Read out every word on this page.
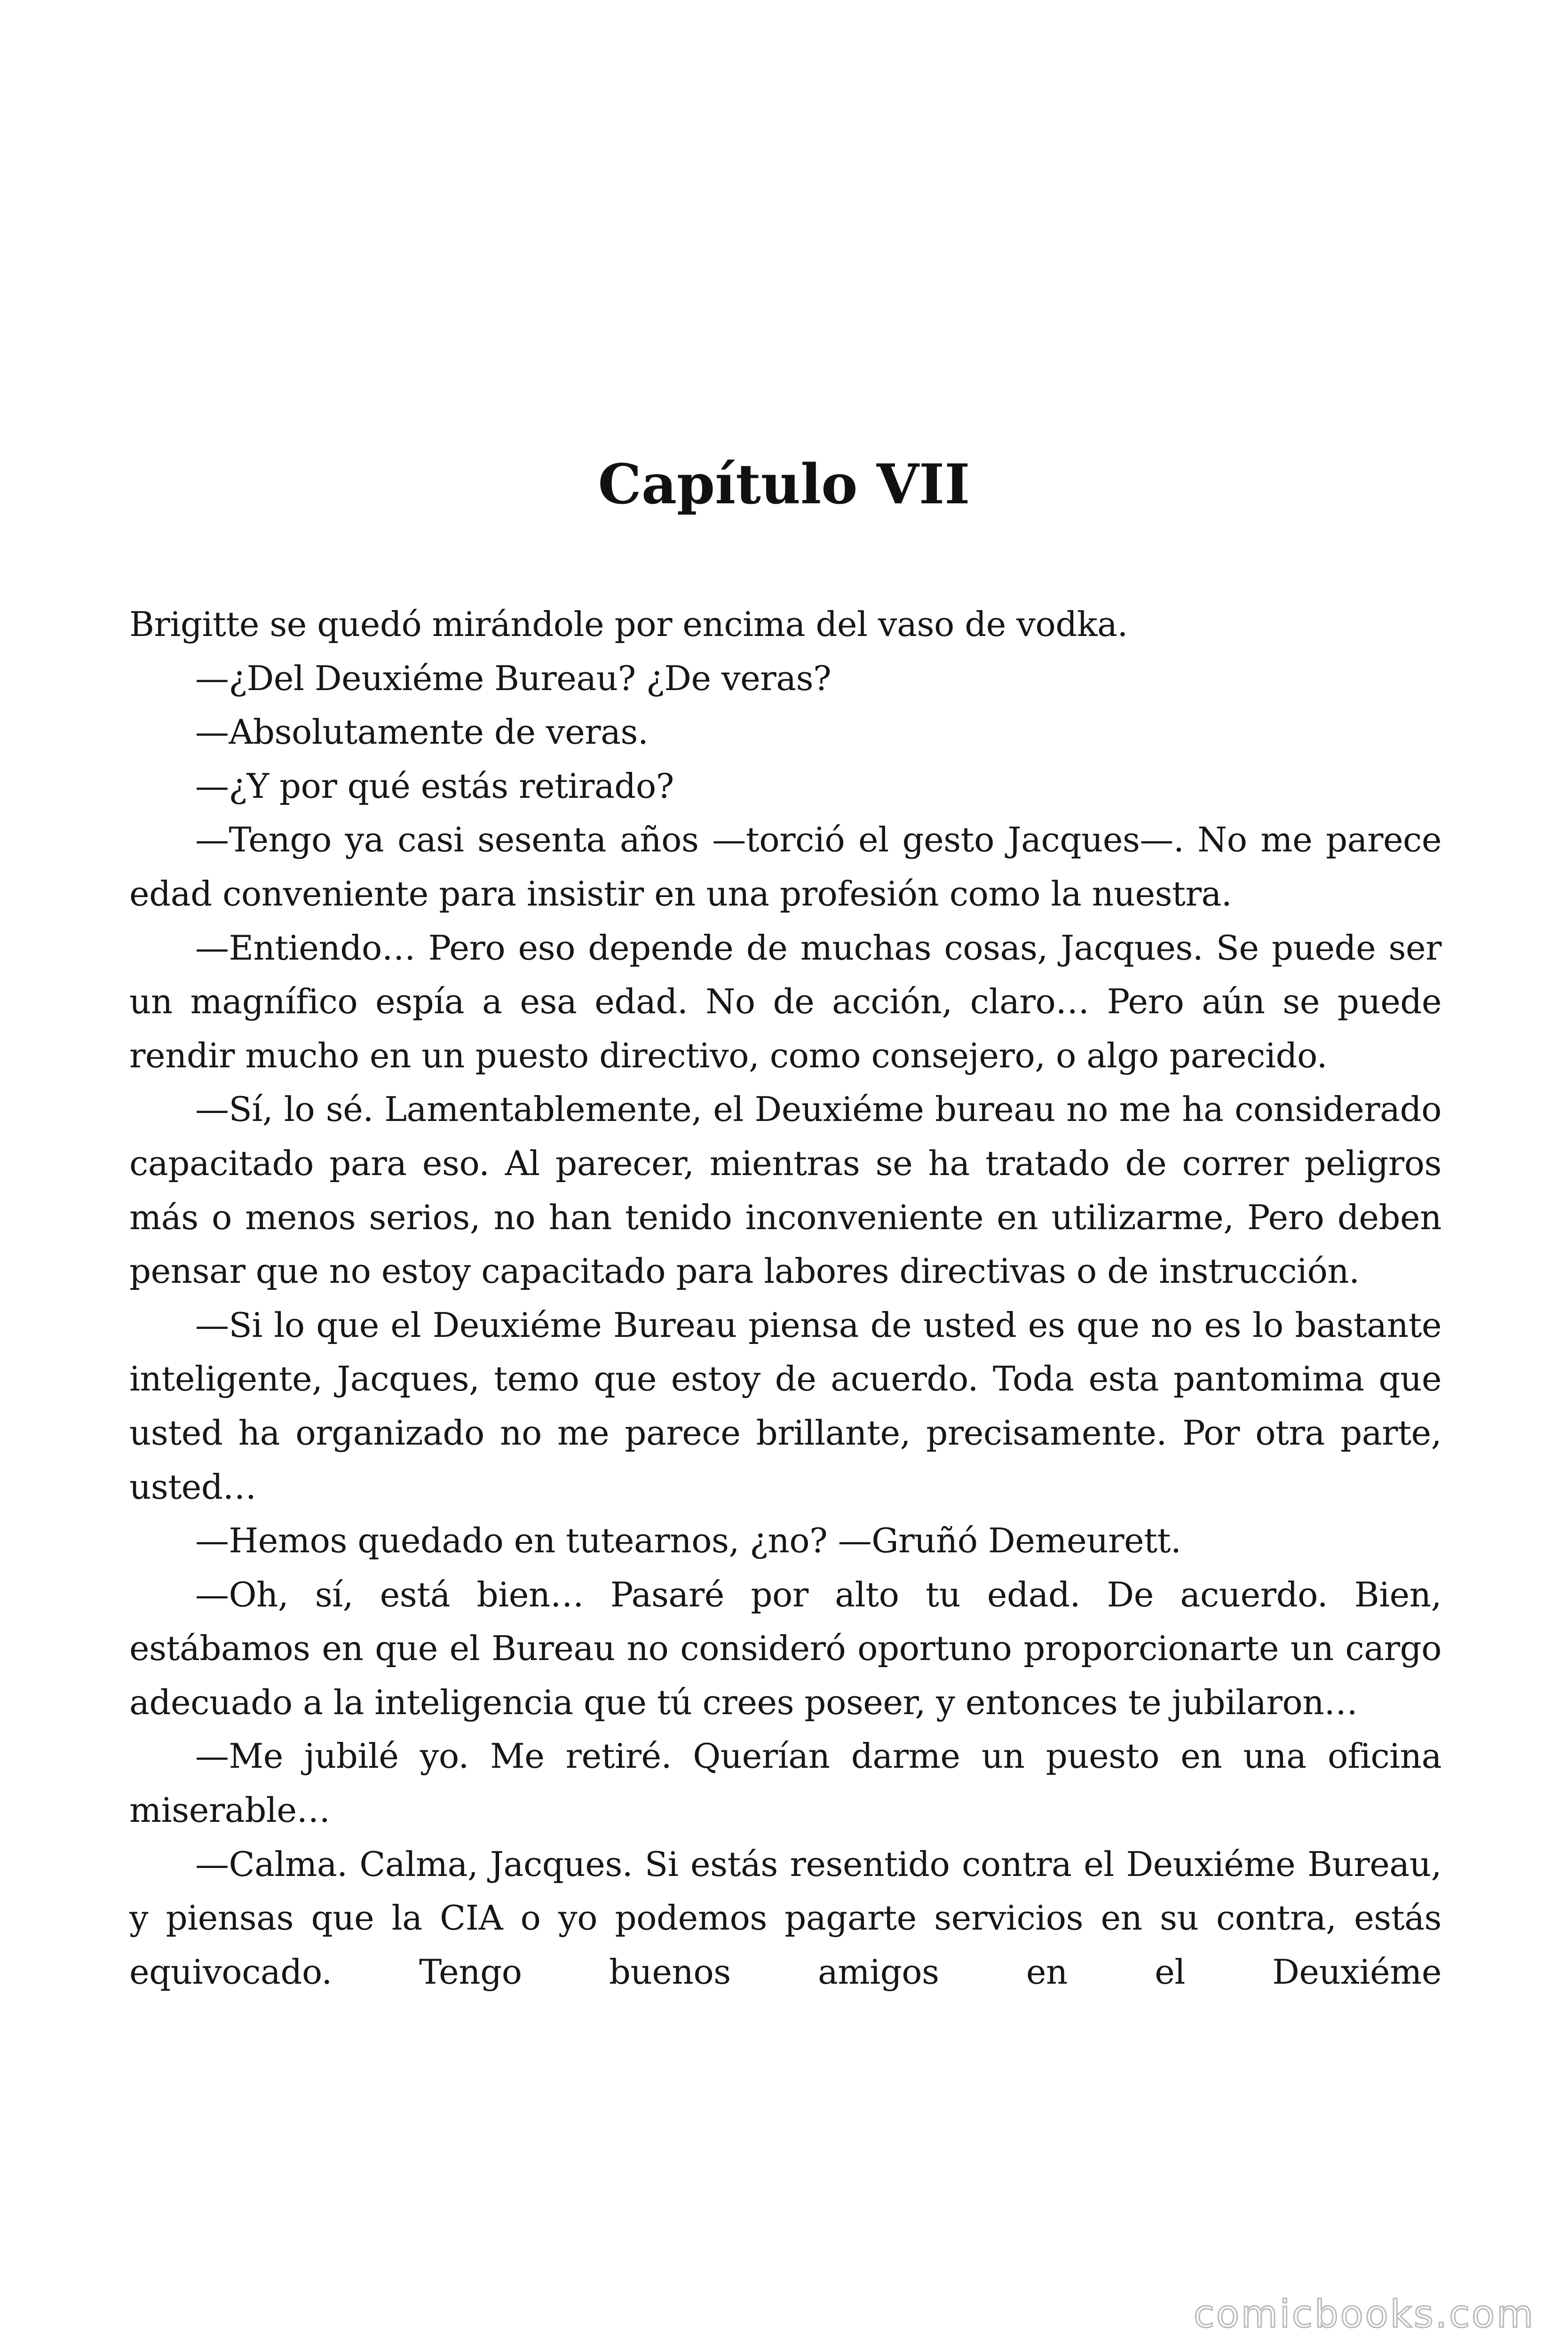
Capítulo VII

Brigitte se quedó mirándole por encima del vaso de vodka.

—¿Del Deuxiéme Bureau? ¿De veras?

—Absolutamente de veras.

—¿Y por qué estás retirado?

—Tengo ya casi sesenta años —torció el gesto Jacques—. No me parece edad conveniente para insistir en una profesión como la nuestra.

—Entiendo… Pero eso depende de muchas cosas, Jacques. Se puede ser un magnífico espía a esa edad. No de acción, claro… Pero aún se puede rendir mucho en un puesto directivo, como consejero, o algo parecido.

—Sí, lo sé. Lamentablemente, el Deuxiéme bureau no me ha considerado capacitado para eso. Al parecer, mientras se ha tratado de correr peligros más o menos serios, no han tenido inconveniente en utilizarme, Pero deben pensar que no estoy capacitado para labores directivas o de instrucción.

—Si lo que el Deuxiéme Bureau piensa de usted es que no es lo bastante inteligente, Jacques, temo que estoy de acuerdo. Toda esta pantomima que usted ha organizado no me parece brillante, precisamente. Por otra parte, usted…

—Hemos quedado en tutearnos, ¿no? —Gruñó Demeurett.

—Oh, sí, está bien… Pasaré por alto tu edad. De acuerdo. Bien, estábamos en que el Bureau no consideró oportuno proporcionarte un cargo adecuado a la inteligencia que tú crees poseer, y entonces te jubilaron…

—Me jubilé yo. Me retiré. Querían darme un puesto en una oficina miserable…

—Calma. Calma, Jacques. Si estás resentido contra el Deuxiéme Bureau, y piensas que la CIA o yo podemos pagarte servicios en su contra, estás equivocado. Tengo buenos amigos en el Deuxiéme

comicbooks.com
